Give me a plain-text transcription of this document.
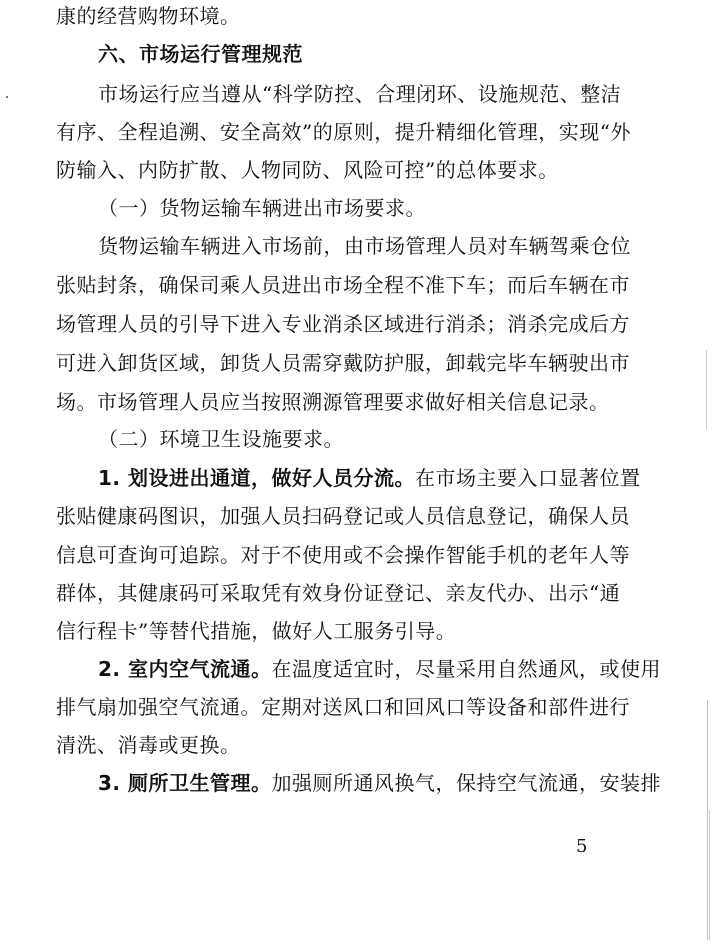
康的经营购物环境。
六、市场运行管理规范
市场运行应当遵从“科学防控、合理闭环、设施规范、整洁
有序、全程追溯、安全高效”的原则，提升精细化管理，实现“外
防输入、内防扩散、人物同防、风险可控”的总体要求。
（一）货物运输车辆进出市场要求。
货物运输车辆进入市场前，由市场管理人员对车辆驾乘仓位
张贴封条，确保司乘人员进出市场全程不准下车；而后车辆在市
场管理人员的引导下进入专业消杀区域进行消杀；消杀完成后方
可进入卸货区域，卸货人员需穿戴防护服，卸载完毕车辆驶出市
场。市场管理人员应当按照溯源管理要求做好相关信息记录。
（二）环境卫生设施要求。
1. 划设进出通道，做好人员分流。在市场主要入口显著位置
张贴健康码图识，加强人员扫码登记或人员信息登记，确保人员
信息可查询可追踪。对于不使用或不会操作智能手机的老年人等
群体，其健康码可采取凭有效身份证登记、亲友代办、出示“通
信行程卡”等替代措施，做好人工服务引导。
2. 室内空气流通。在温度适宜时，尽量采用自然通风，或使用
排气扇加强空气流通。定期对送风口和回风口等设备和部件进行
清洗、消毒或更换。
3. 厕所卫生管理。加强厕所通风换气，保持空气流通，安装排
5
